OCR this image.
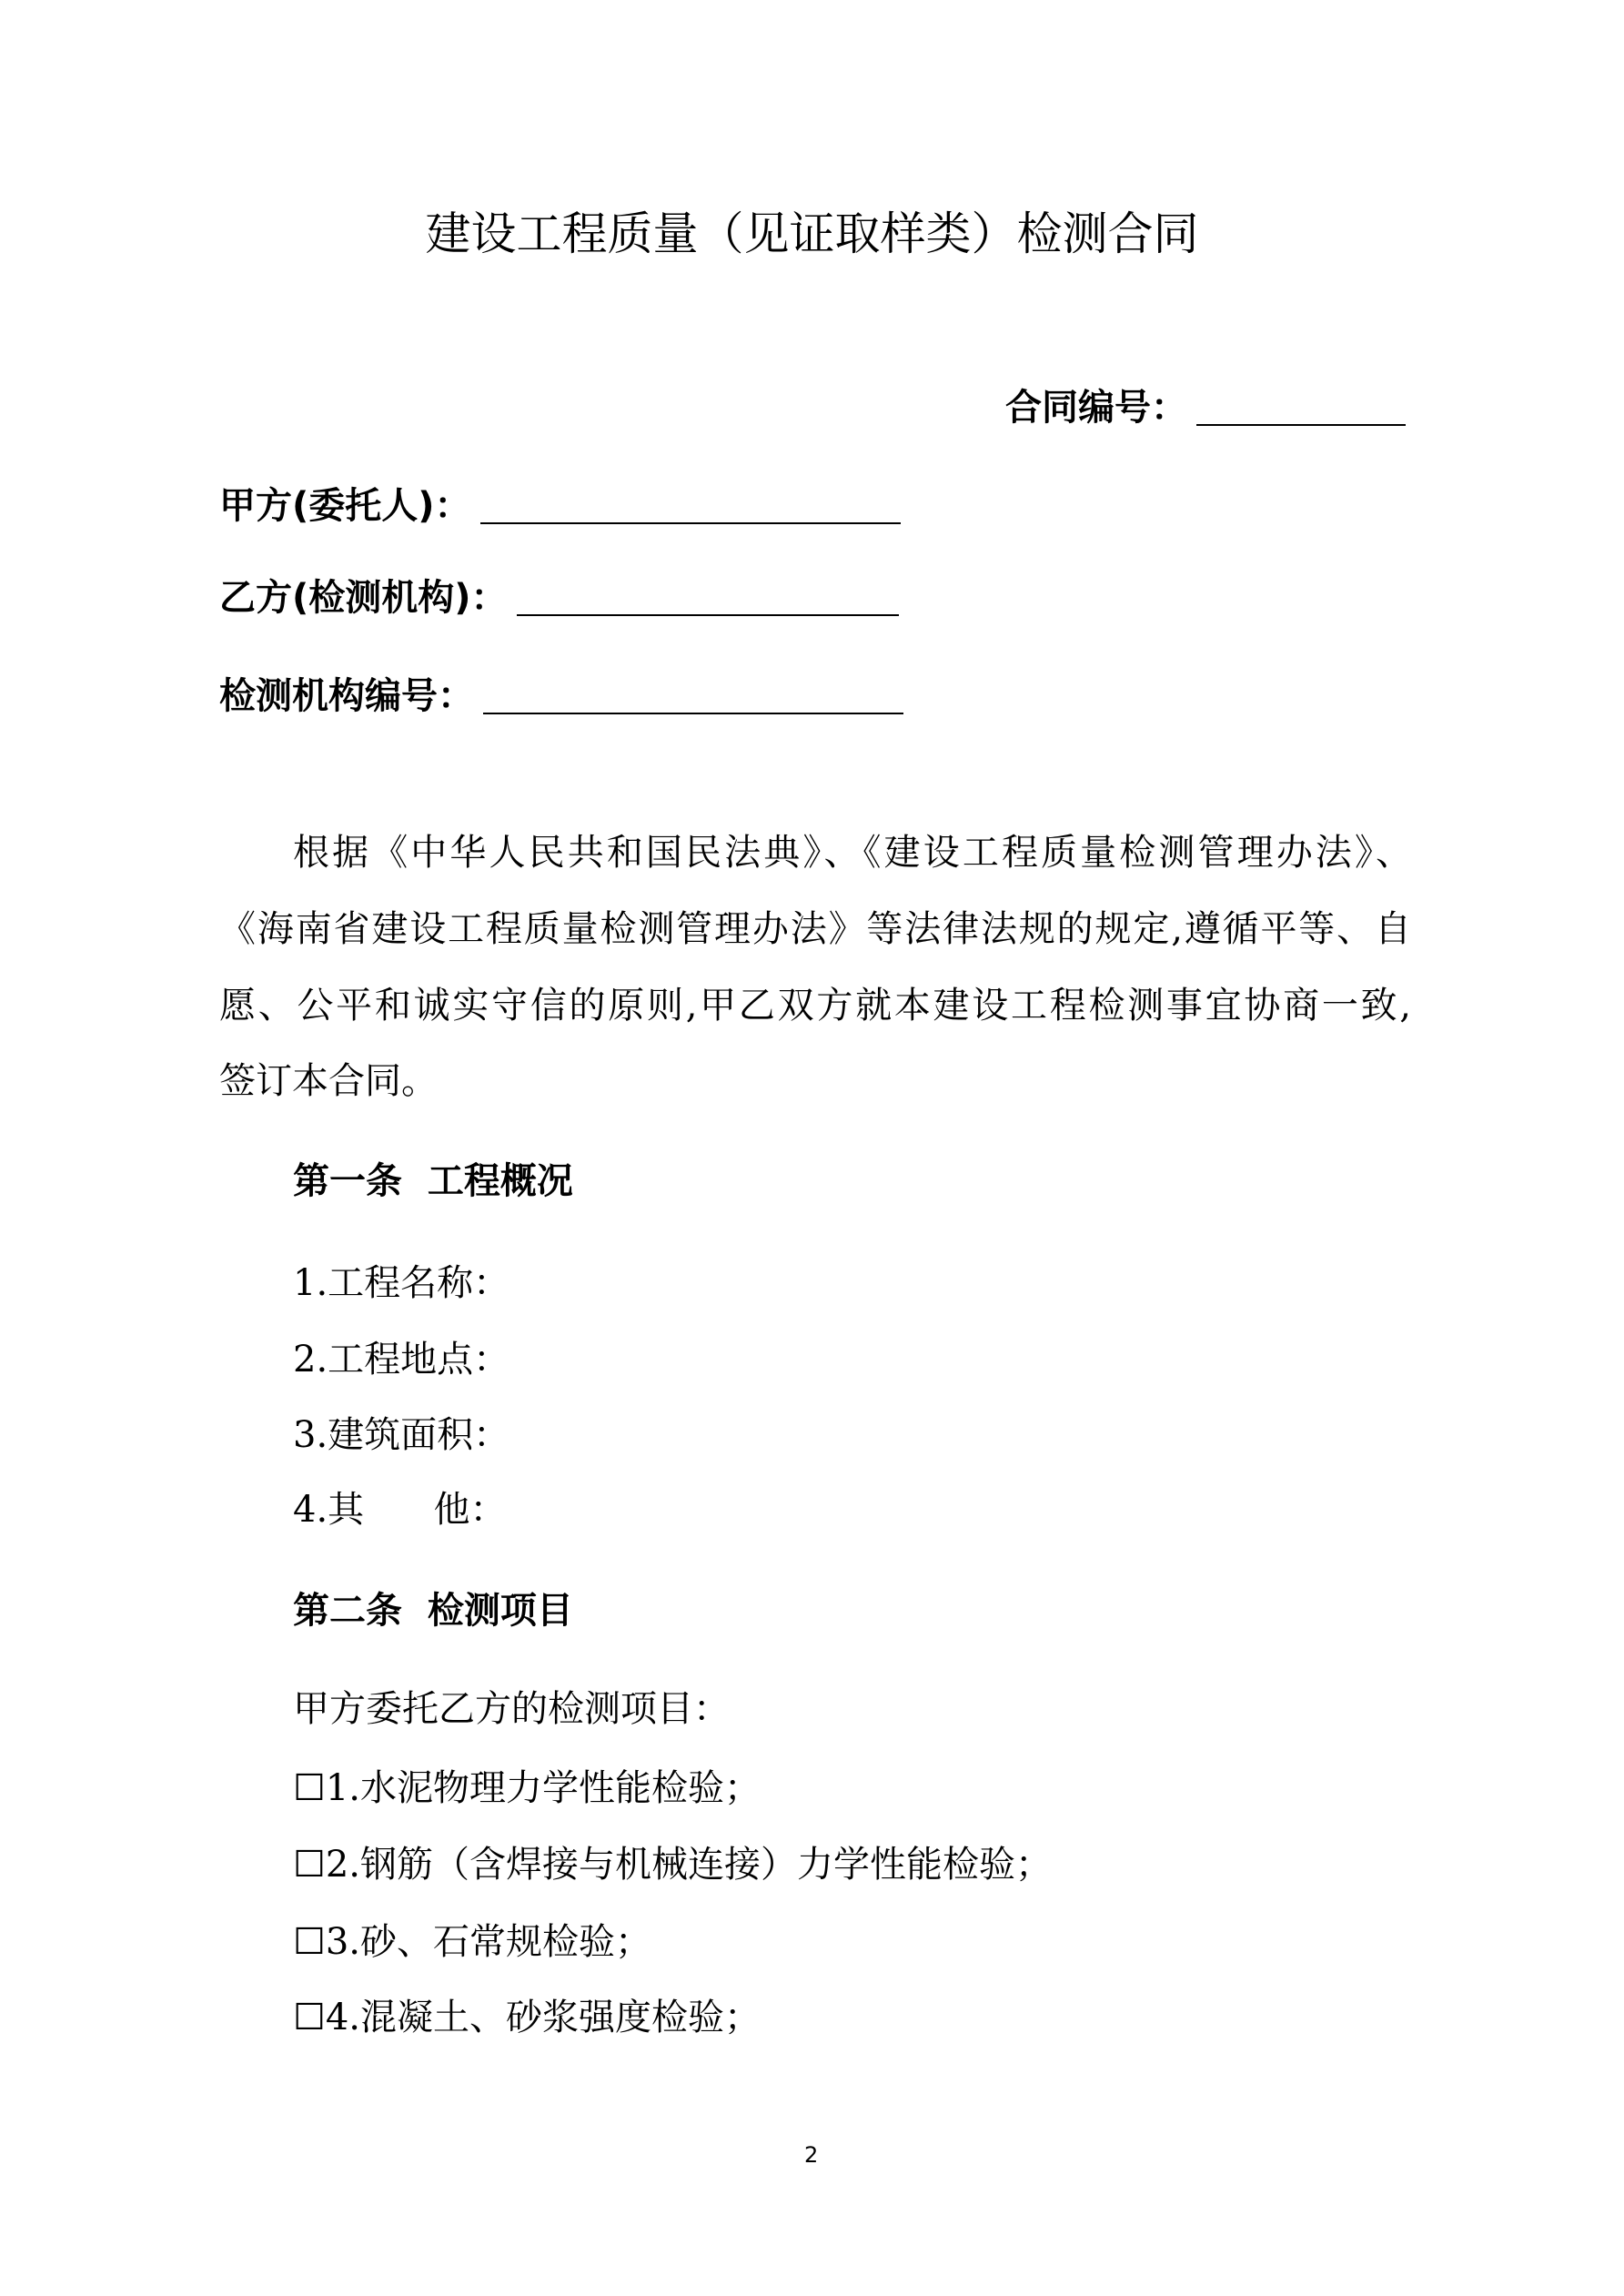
建设工程质量（见证取样类）检测合同
合同编号：
甲方(委托人)：
乙方(检测机构)：
检测机构编号：
根据《中华人民共和国民法典》、《建设工程质量检测管理办法》、
《海南省建设工程质量检测管理办法》等法律法规的规定,遵循平等、自
愿、公平和诚实守信的原则,甲乙双方就本建设工程检测事宜协商一致,
签订本合同。
第一条  工程概况
1.工程名称：
2.工程地点：
3.建筑面积：
4.其      他：
第二条  检测项目
甲方委托乙方的检测项目：
☐1.水泥物理力学性能检验；
☐2.钢筋（含焊接与机械连接）力学性能检验；
☐3.砂、石常规检验；
☐4.混凝土、砂浆强度检验；
2
